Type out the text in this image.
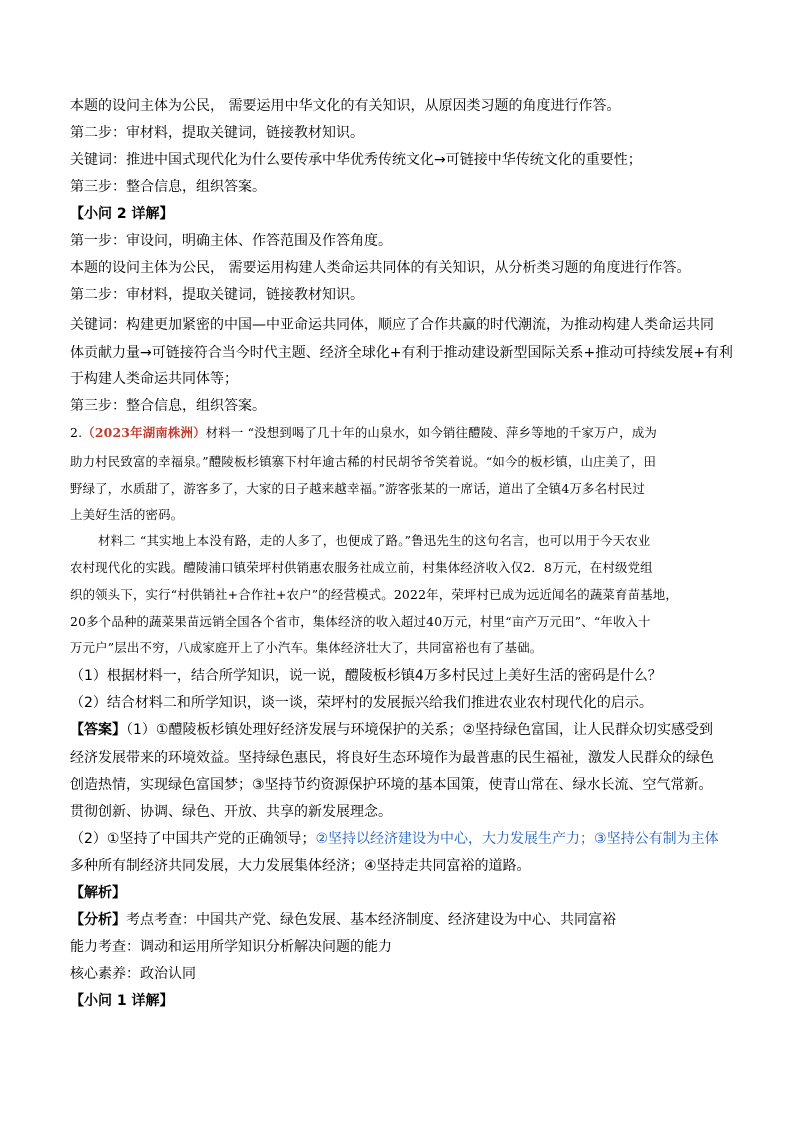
本题的设问主体为公民， 需要运用中华文化的有关知识，从原因类习题的角度进行作答。
第二步：审材料，提取关键词，链接教材知识。
关键词：推进中国式现代化为什么要传承中华优秀传统文化→可链接中华传统文化的重要性；
第三步：整合信息，组织答案。
【小问 2 详解】
第一步：审设问，明确主体、作答范围及作答角度。
本题的设问主体为公民， 需要运用构建人类命运共同体的有关知识，从分析类习题的角度进行作答。
第二步：审材料，提取关键词，链接教材知识。
关键词：构建更加紧密的中国—中亚命运共同体，顺应了合作共赢的时代潮流，为推动构建人类命运共同
体贡献力量→可链接符合当今时代主题、经济全球化+有利于推动建设新型国际关系+推动可持续发展+有利
于构建人类命运共同体等；
第三步：整合信息，组织答案。
2.（2023年湖南株洲）材料一 “没想到喝了几十年的山泉水，如今销往醴陵、萍乡等地的千家万户，成为
助力村民致富的幸福泉。”醴陵板杉镇寨下村年逾古稀的村民胡爷爷笑着说。“如今的板杉镇，山庄美了，田
野绿了，水质甜了，游客多了，大家的日子越来越幸福。”游客张某的一席话，道出了全镇4万多名村民过
上美好生活的密码。
材料二 “其实地上本没有路，走的人多了，也便成了路。”鲁迅先生的这句名言，也可以用于今天农业
农村现代化的实践。醴陵浦口镇荣坪村供销惠农服务社成立前，村集体经济收入仅2．8万元，在村级党组
织的领头下，实行“村供销社+合作社+农户”的经营模式。2022年，荣坪村已成为远近闻名的蔬菜育苗基地，
20多个品种的蔬菜果苗远销全国各个省市，集体经济的收入超过40万元，村里“亩产万元田”、“年收入十
万元户”层出不穷，八成家庭开上了小汽车。集体经济壮大了，共同富裕也有了基础。
（1）根据材料一，结合所学知识，说一说，醴陵板杉镇4万多村民过上美好生活的密码是什么？
（2）结合材料二和所学知识，谈一谈，荣坪村的发展振兴给我们推进农业农村现代化的启示。
【答案】（1）①醴陵板杉镇处理好经济发展与环境保护的关系；②坚持绿色富国，让人民群众切实感受到
经济发展带来的环境效益。坚持绿色惠民，将良好生态环境作为最普惠的民生福祉，激发人民群众的绿色
创造热情，实现绿色富国梦；③坚持节约资源保护环境的基本国策，使青山常在、绿水长流、空气常新。
贯彻创新、协调、绿色、开放、共享的新发展理念。
（2）①坚持了中国共产党的正确领导；②坚持以经济建设为中心，大力发展生产力；③坚持公有制为主体
多种所有制经济共同发展，大力发展集体经济；④坚持走共同富裕的道路。
【解析】
【分析】考点考查：中国共产党、绿色发展、基本经济制度、经济建设为中心、共同富裕
能力考查：调动和运用所学知识分析解决问题的能力
核心素养：政治认同
【小问 1 详解】
